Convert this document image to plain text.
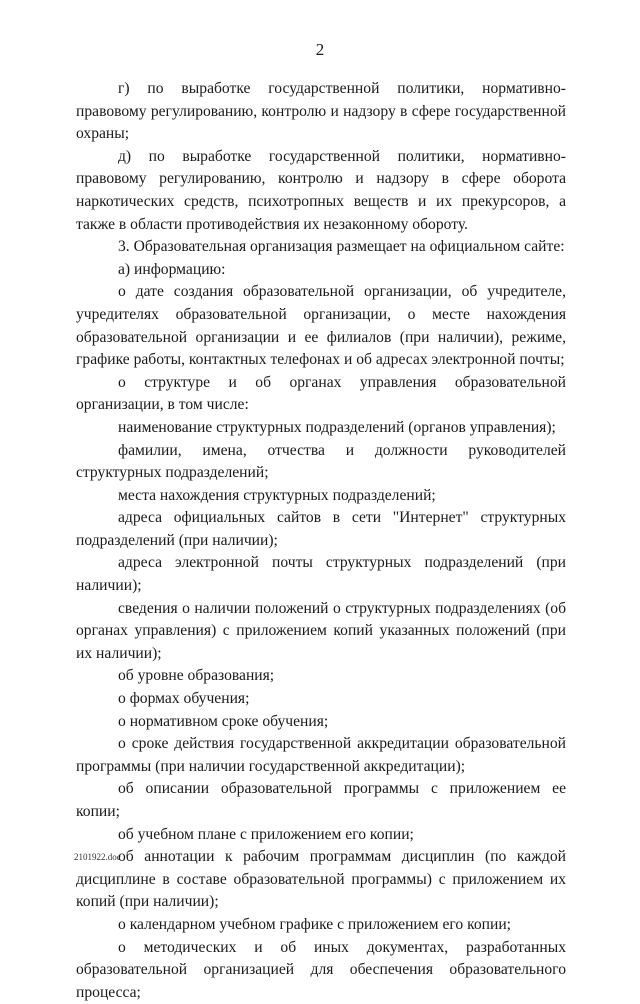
2

г) по выработке государственной политики, нормативно-правовому регулированию, контролю и надзору в сфере государственной охраны;

д) по выработке государственной политики, нормативно-правовому регулированию, контролю и надзору в сфере оборота наркотических средств, психотропных веществ и их прекурсоров, а также в области противодействия их незаконному обороту.

3. Образовательная организация размещает на официальном сайте:

а) информацию:

о дате создания образовательной организации, об учредителе, учредителях образовательной организации, о месте нахождения образовательной организации и ее филиалов (при наличии), режиме, графике работы, контактных телефонах и об адресах электронной почты;

о структуре и об органах управления образовательной организации, в том числе:

наименование структурных подразделений (органов управления);

фамилии, имена, отчества и должности руководителей структурных подразделений;

места нахождения структурных подразделений;

адреса официальных сайтов в сети "Интернет" структурных подразделений (при наличии);

адреса электронной почты структурных подразделений (при наличии);

сведения о наличии положений о структурных подразделениях (об органах управления) с приложением копий указанных положений (при их наличии);

об уровне образования;

о формах обучения;

о нормативном сроке обучения;

о сроке действия государственной аккредитации образовательной программы (при наличии государственной аккредитации);

об описании образовательной программы с приложением ее копии;

об учебном плане с приложением его копии;

об аннотации к рабочим программам дисциплин (по каждой дисциплине в составе образовательной программы) с приложением их копий (при наличии);

о календарном учебном графике с приложением его копии;

о методических и об иных документах, разработанных образовательной организацией для обеспечения образовательного процесса;

2101922.doc
